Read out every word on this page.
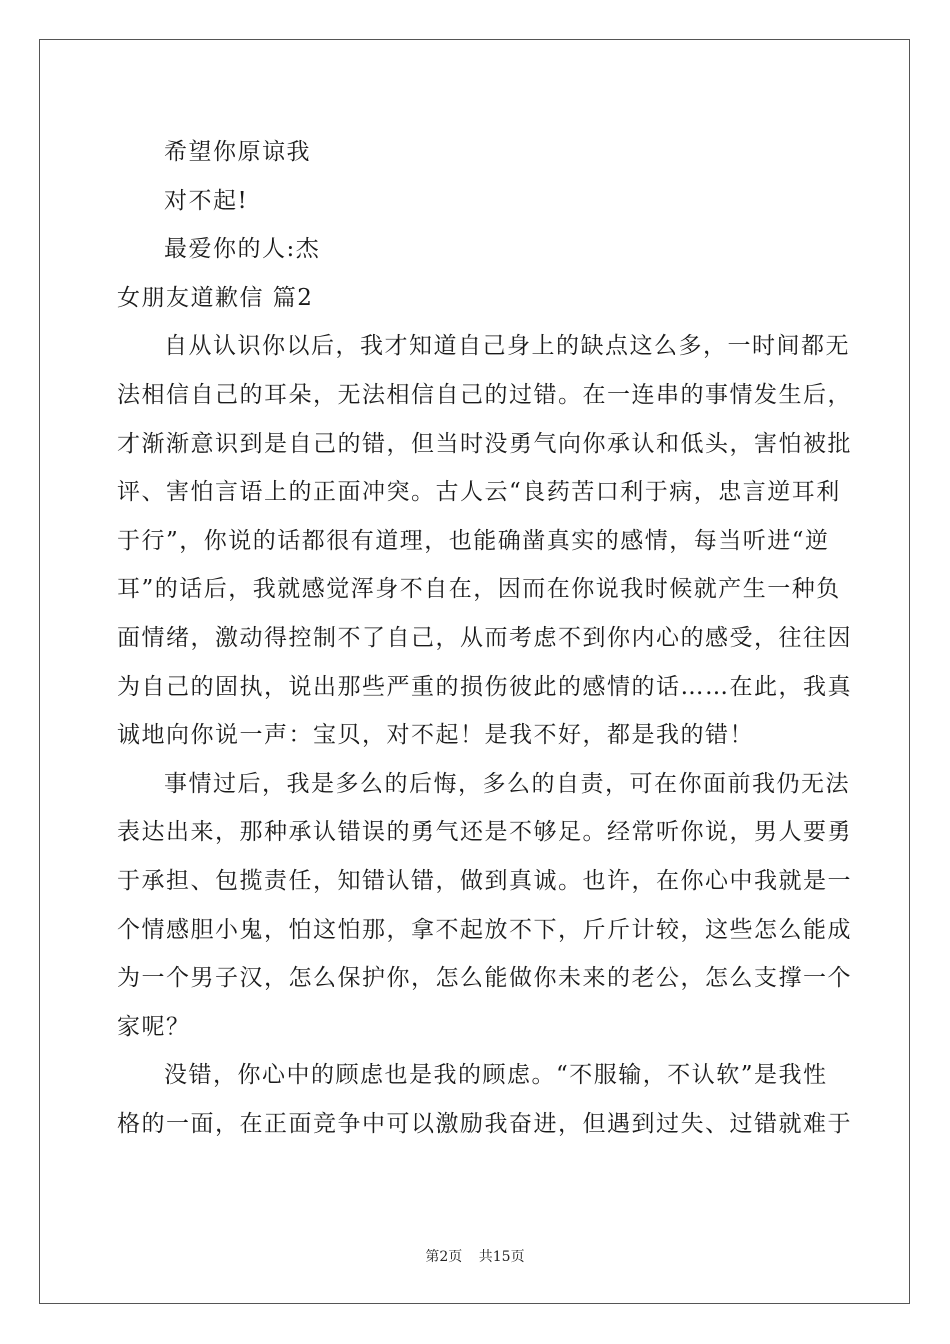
希望你原谅我
对不起!
最爱你的人:杰
女朋友道歉信 篇2
自从认识你以后，我才知道自己身上的缺点这么多，一时间都无
法相信自己的耳朵，无法相信自己的过错。在一连串的事情发生后，
才渐渐意识到是自己的错，但当时没勇气向你承认和低头，害怕被批
评、害怕言语上的正面冲突。古人云“良药苦口利于病，忠言逆耳利
于行”，你说的话都很有道理，也能确凿真实的感情，每当听进“逆
耳”的话后，我就感觉浑身不自在，因而在你说我时候就产生一种负
面情绪，激动得控制不了自己，从而考虑不到你内心的感受，往往因
为自己的固执，说出那些严重的损伤彼此的感情的话……在此，我真
诚地向你说一声：宝贝，对不起！是我不好，都是我的错！
事情过后，我是多么的后悔，多么的自责，可在你面前我仍无法
表达出来，那种承认错误的勇气还是不够足。经常听你说，男人要勇
于承担、包揽责任，知错认错，做到真诚。也许，在你心中我就是一
个情感胆小鬼，怕这怕那，拿不起放不下，斤斤计较，这些怎么能成
为一个男子汉，怎么保护你，怎么能做你未来的老公，怎么支撑一个
家呢？
没错，你心中的顾虑也是我的顾虑。“不服输，不认软”是我性
格的一面，在正面竞争中可以激励我奋进，但遇到过失、过错就难于
第2页 共15页
